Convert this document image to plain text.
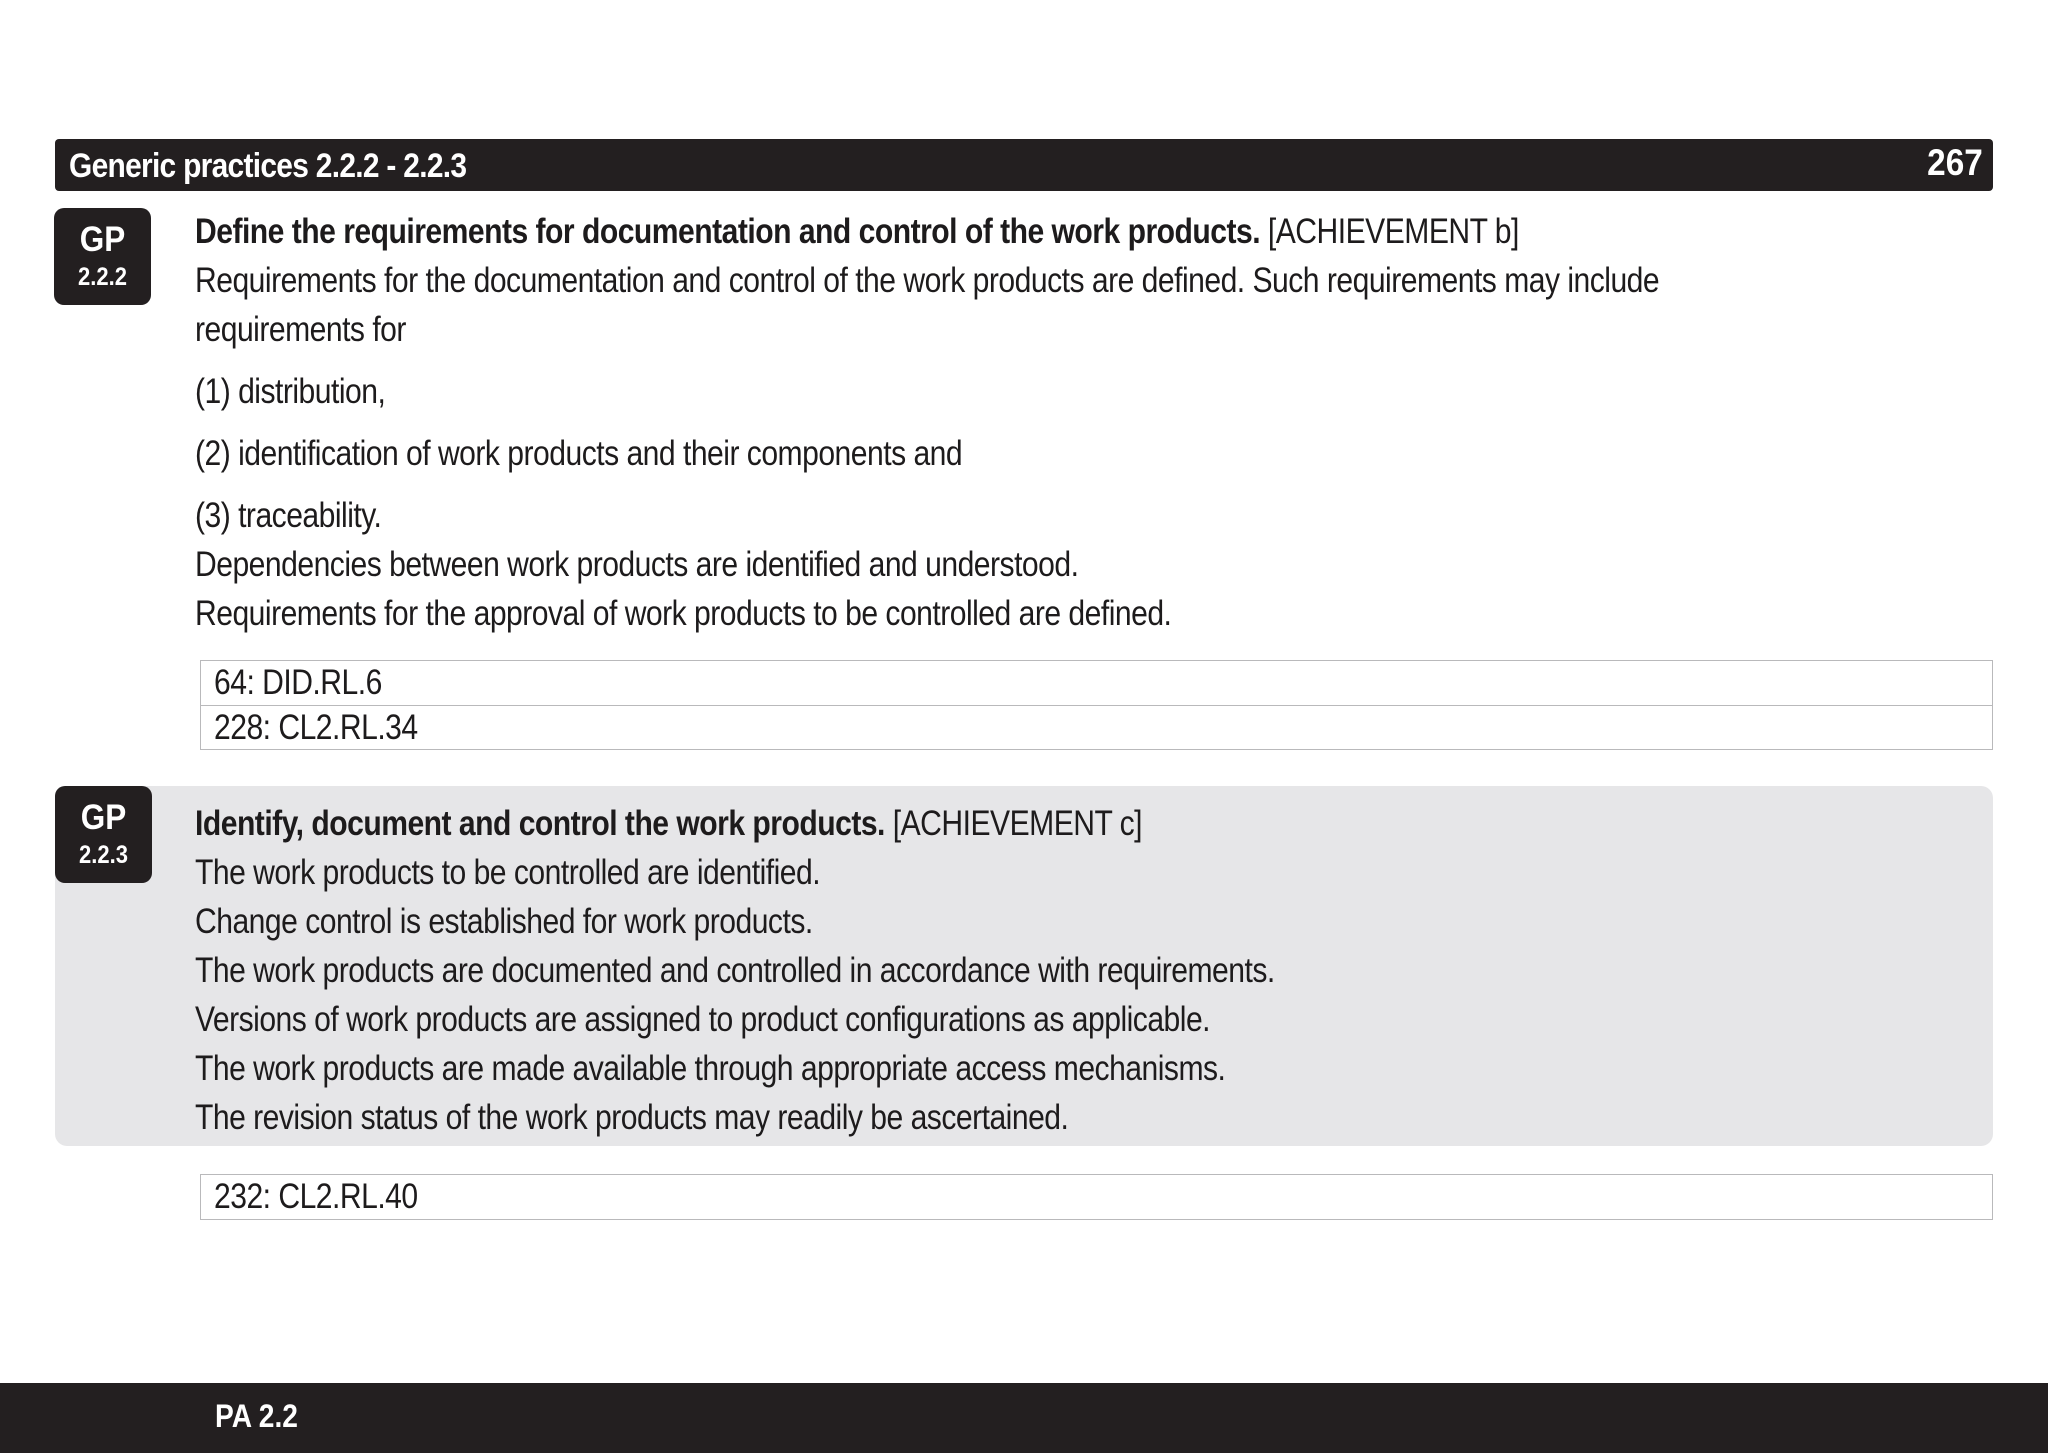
Generic practices 2.2.2 - 2.2.3	267
GP
2.2.2
Define the requirements for documentation and control of the work products. [ACHIEVEMENT b]
Requirements for the documentation and control of the work products are defined. Such requirements may include
requirements for
(1) distribution,
(2) identification of work products and their components and
(3) traceability.
Dependencies between work products are identified and understood.
Requirements for the approval of work products to be controlled are defined.
64: DID.RL.6
228: CL2.RL.34
GP
2.2.3
Identify, document and control the work products. [ACHIEVEMENT c]
The work products to be controlled are identified.
Change control is established for work products.
The work products are documented and controlled in accordance with requirements.
Versions of work products are assigned to product configurations as applicable.
The work products are made available through appropriate access mechanisms.
The revision status of the work products may readily be ascertained.
232: CL2.RL.40
PA 2.2
